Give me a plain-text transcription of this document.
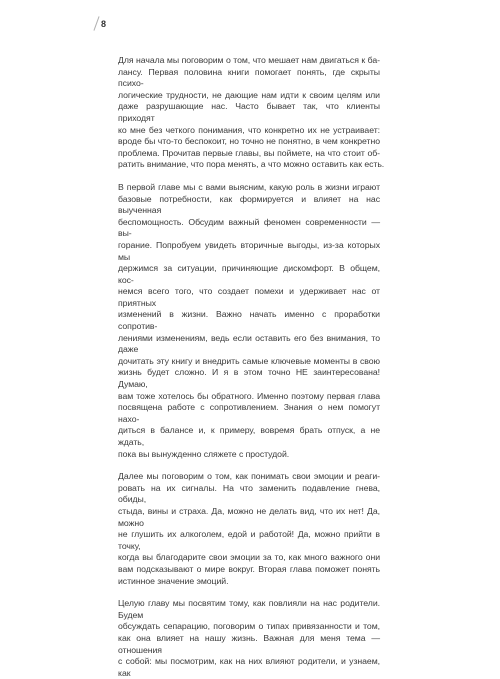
8
Для начала мы поговорим о том, что мешает нам двигаться к ба-
лансу. Первая половина книги помогает понять, где скрыты психо-
логические трудности, не дающие нам идти к своим целям или
даже разрушающие нас. Часто бывает так, что клиенты приходят
ко мне без четкого понимания, что конкретно их не устраивает:
вроде бы что-то беспокоит, но точно не понятно, в чем конкретно
проблема. Прочитав первые главы, вы поймете, на что стоит об-
ратить внимание, что пора менять, а что можно оставить как есть.
В первой главе мы с вами выясним, какую роль в жизни играют
базовые потребности, как формируется и влияет на нас выученная
беспомощность. Обсудим важный феномен современности — вы-
горание. Попробуем увидеть вторичные выгоды, из-за которых мы
держимся за ситуации, причиняющие дискомфорт. В общем, кос-
немся всего того, что создает помехи и удерживает нас от приятных
изменений в жизни. Важно начать именно с проработки сопротив-
лениями изменениям, ведь если оставить его без внимания, то даже
дочитать эту книгу и внедрить самые ключевые моменты в свою
жизнь будет сложно. И я в этом точно НЕ заинтересована! Думаю,
вам тоже хотелось бы обратного. Именно поэтому первая глава
посвящена работе с сопротивлением. Знания о нем помогут нахо-
диться в балансе и, к примеру, вовремя брать отпуск, а не ждать,
пока вы вынужденно сляжете с простудой.
Далее мы поговорим о том, как понимать свои эмоции и реаги-
ровать на их сигналы. На что заменить подавление гнева, обиды,
стыда, вины и страха. Да, можно не делать вид, что их нет! Да, можно
не глушить их алкоголем, едой и работой! Да, можно прийти в точку,
когда вы благодарите свои эмоции за то, как много важного они
вам подсказывают о мире вокруг. Вторая глава поможет понять
истинное значение эмоций.
Целую главу мы посвятим тому, как повлияли на нас родители. Будем
обсуждать сепарацию, поговорим о типах привязанности и том,
как она влияет на нашу жизнь. Важная для меня тема — отношения
с собой: мы посмотрим, как на них влияют родители, и узнаем, как
